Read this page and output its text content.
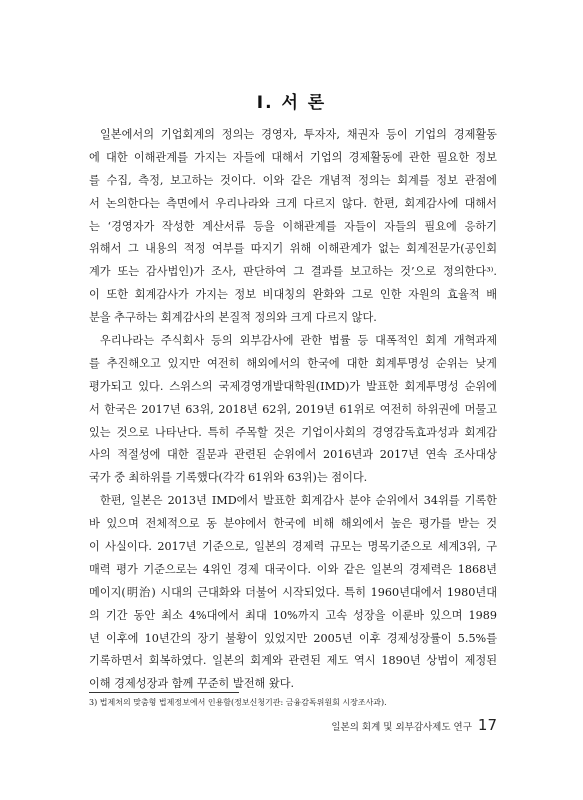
Ⅰ. 서 론
일본에서의 기업회계의 정의는 경영자, 투자자, 채권자 등이 기업의 경제활동
에 대한 이해관계를 가지는 자들에 대해서 기업의 경제활동에 관한 필요한 정보
를 수집, 측정, 보고하는 것이다. 이와 같은 개념적 정의는 회계를 정보 관점에
서 논의한다는 측면에서 우리나라와 크게 다르지 않다. 한편, 회계감사에 대해서
는 ‘경영자가 작성한 계산서류 등을 이해관계를 자들이 자들의 필요에 응하기
위해서 그 내용의 적정 여부를 따지기 위해 이해관계가 없는 회계전문가(공인회
계가 또는 감사법인)가 조사, 판단하여 그 결과를 보고하는 것’으로 정의한다³⁾.
이 또한 회계감사가 가지는 정보 비대칭의 완화와 그로 인한 자원의 효율적 배
분을 추구하는 회계감사의 본질적 정의와 크게 다르지 않다.
우리나라는 주식회사 등의 외부감사에 관한 법률 등 대폭적인 회계 개혁과제
를 추진해오고 있지만 여전히 해외에서의 한국에 대한 회계투명성 순위는 낮게
평가되고 있다. 스위스의 국제경영개발대학원(IMD)가 발표한 회계투명성 순위에
서 한국은 2017년 63위, 2018년 62위, 2019년 61위로 여전히 하위권에 머물고
있는 것으로 나타난다. 특히 주목할 것은 기업이사회의 경영감독효과성과 회계감
사의 적절성에 대한 질문과 관련된 순위에서 2016년과 2017년 연속 조사대상
국가 중 최하위를 기록했다(각각 61위와 63위)는 점이다.
한편, 일본은 2013년 IMD에서 발표한 회계감사 분야 순위에서 34위를 기록한
바 있으며 전체적으로 동 분야에서 한국에 비해 해외에서 높은 평가를 받는 것
이 사실이다. 2017년 기준으로, 일본의 경제력 규모는 명목기준으로 세계3위, 구
매력 평가 기준으로는 4위인 경제 대국이다. 이와 같은 일본의 경제력은 1868년
메이지(明治) 시대의 근대화와 더불어 시작되었다. 특히 1960년대에서 1980년대
의 기간 동안 최소 4%대에서 최대 10%까지 고속 성장을 이룬바 있으며 1989
년 이후에 10년간의 장기 불황이 있었지만 2005년 이후 경제성장률이 5.5%를
기록하면서 회복하였다. 일본의 회계와 관련된 제도 역시 1890년 상법이 제정된
이해 경제성장과 함께 꾸준히 발전해 왔다.
3) 법제처의 맞춤형 법제정보에서 인용함(정보신청기관: 금융감독위원회 시장조사과).
일본의 회계 및 외부감사제도 연구 17
